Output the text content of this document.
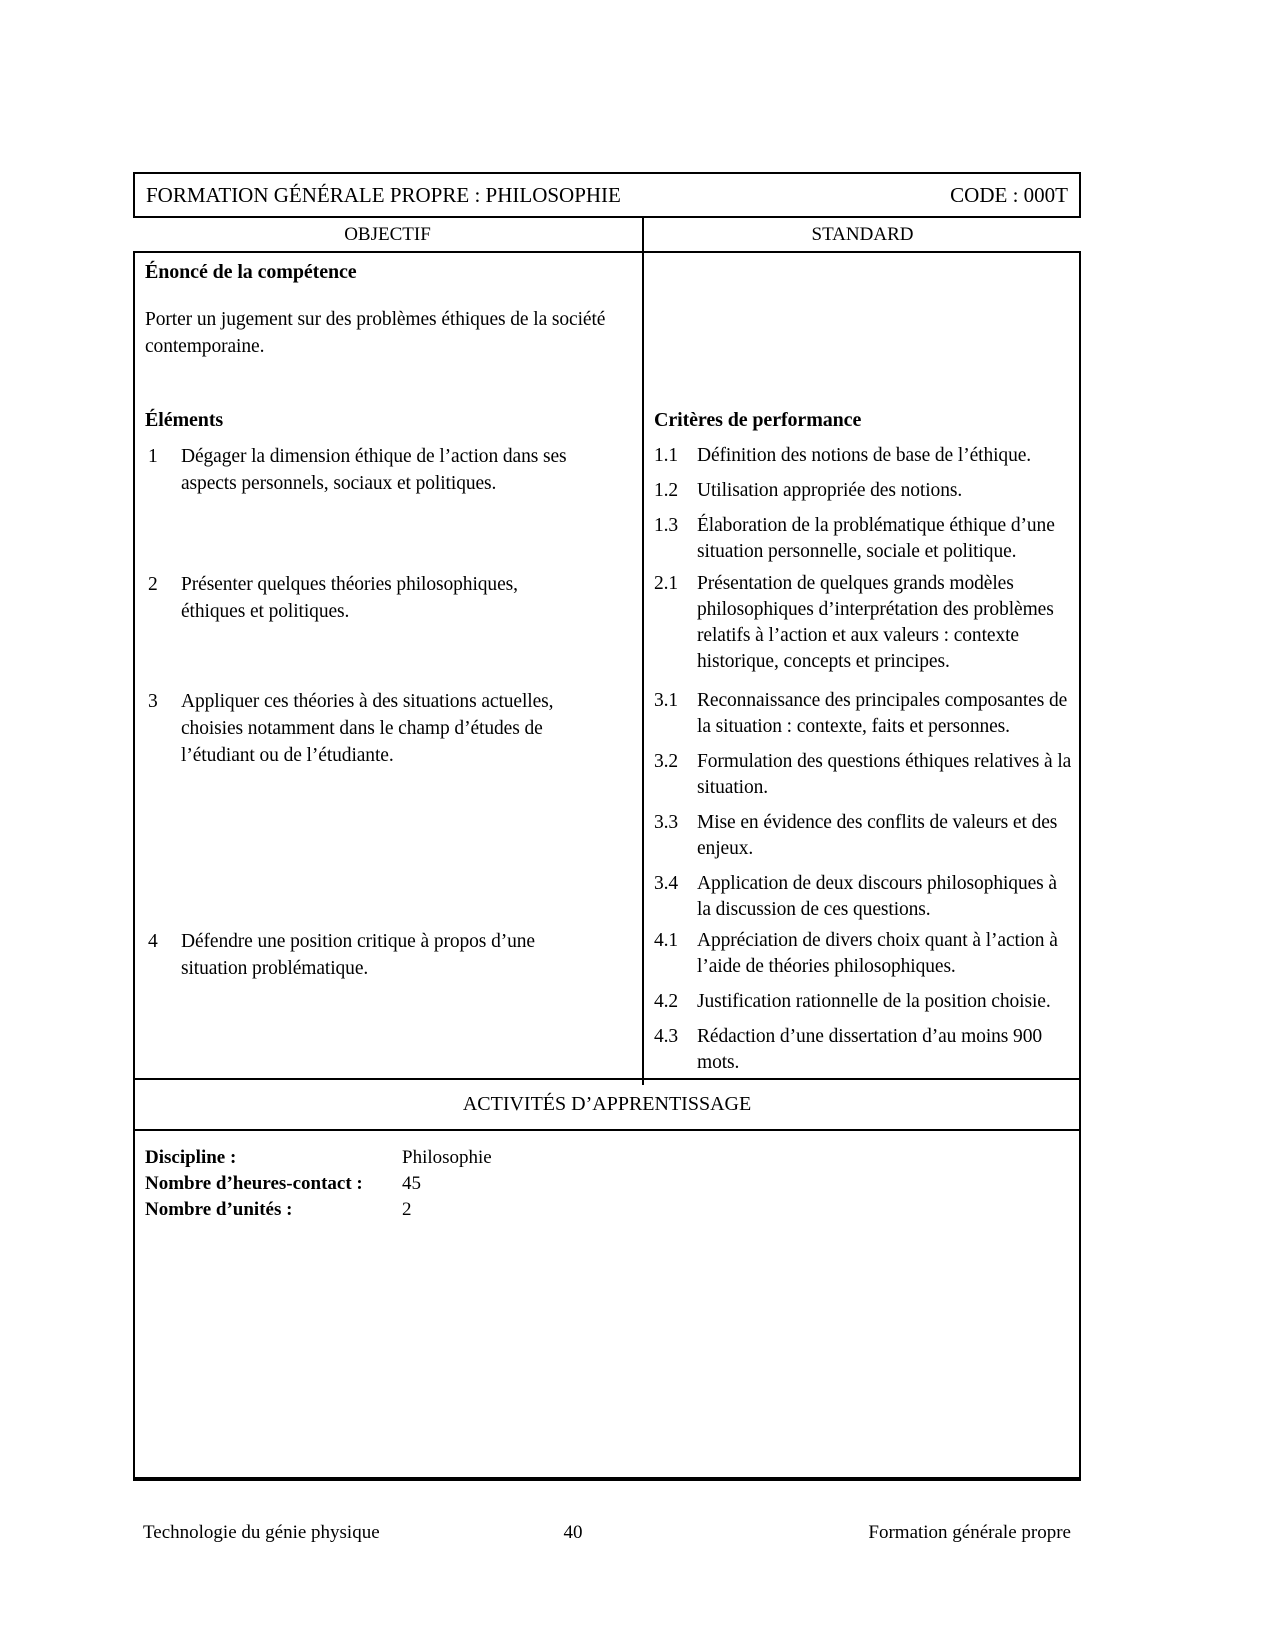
FORMATION GÉNÉRALE PROPRE : PHILOSOPHIE	CODE : 000T
OBJECTIF	STANDARD
Énoncé de la compétence
Porter un jugement sur des problèmes éthiques de la société contemporaine.
Éléments	Critères de performance
1	Dégager la dimension éthique de l’action dans ses aspects personnels, sociaux et politiques.
1.1 Définition des notions de base de l’éthique.
1.2 Utilisation appropriée des notions.
1.3 Élaboration de la problématique éthique d’une situation personnelle, sociale et politique.
2	Présenter quelques théories philosophiques, éthiques et politiques.
2.1 Présentation de quelques grands modèles philosophiques d’interprétation des problèmes relatifs à l’action et aux valeurs : contexte historique, concepts et principes.
3	Appliquer ces théories à des situations actuelles, choisies notamment dans le champ d’études de l’étudiant ou de l’étudiante.
3.1 Reconnaissance des principales composantes de la situation : contexte, faits et personnes.
3.2 Formulation des questions éthiques relatives à la situation.
3.3 Mise en évidence des conflits de valeurs et des enjeux.
3.4 Application de deux discours philosophiques à la discussion de ces questions.
4	Défendre une position critique à propos d’une situation problématique.
4.1 Appréciation de divers choix quant à l’action à l’aide de théories philosophiques.
4.2 Justification rationnelle de la position choisie.
4.3 Rédaction d’une dissertation d’au moins 900 mots.
ACTIVITÉS D’APPRENTISSAGE
Discipline :	Philosophie
Nombre d’heures-contact :	45
Nombre d’unités :	2
Technologie du génie physique	40	Formation générale propre
